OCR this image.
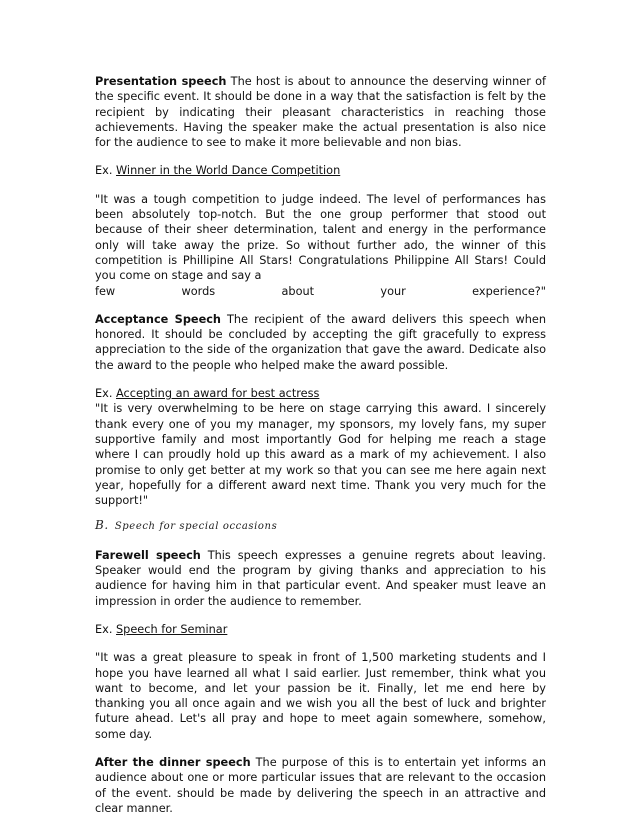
Presentation speech The host is about to announce the deserving winner of the specific event. It should be done in a way that the satisfaction is felt by the recipient by indicating their pleasant characteristics in reaching those achievements. Having the speaker make the actual presentation is also nice for the audience to see to make it more believable and non bias.

Ex. Winner in the World Dance Competition

"It was a tough competition to judge indeed. The level of performances has been absolutely top-notch. But the one group performer that stood out because of their sheer determination, talent and energy in the performance only will take away the prize. So without further ado, the winner of this competition is Phillipine All Stars! Congratulations Philippine All Stars! Could you come on stage and say a

few	words	about	your	experience?"

Acceptance Speech The recipient of the award delivers this speech when honored. It should be concluded by accepting the gift gracefully to express appreciation to the side of the organization that gave the award. Dedicate also the award to the people who helped make the award possible.

Ex. Accepting an award for best actress

"It is very overwhelming to be here on stage carrying this award. I sincerely thank every one of you my manager, my sponsors, my lovely fans, my super supportive family and most importantly God for helping me reach a stage where I can proudly hold up this award as a mark of my achievement. I also promise to only get better at my work so that you can see me here again next year, hopefully for a different award next time. Thank you very much for the support!"

B. Speech for special occasions

Farewell speech This speech expresses a genuine regrets about leaving. Speaker would end the program by giving thanks and appreciation to his audience for having him in that particular event. And speaker must leave an impression in order the audience to remember.

Ex. Speech for Seminar

"It was a great pleasure to speak in front of 1,500 marketing students and I hope you have learned all what I said earlier. Just remember, think what you want to become, and let your passion be it. Finally, let me end here by thanking you all once again and we wish you all the best of luck and brighter future ahead. Let's all pray and hope to meet again somewhere, somehow, some day.

After the dinner speech The purpose of this is to entertain yet informs an audience about one or more particular issues that are relevant to the occasion of the event. should be made by delivering the speech in an attractive and clear manner.
